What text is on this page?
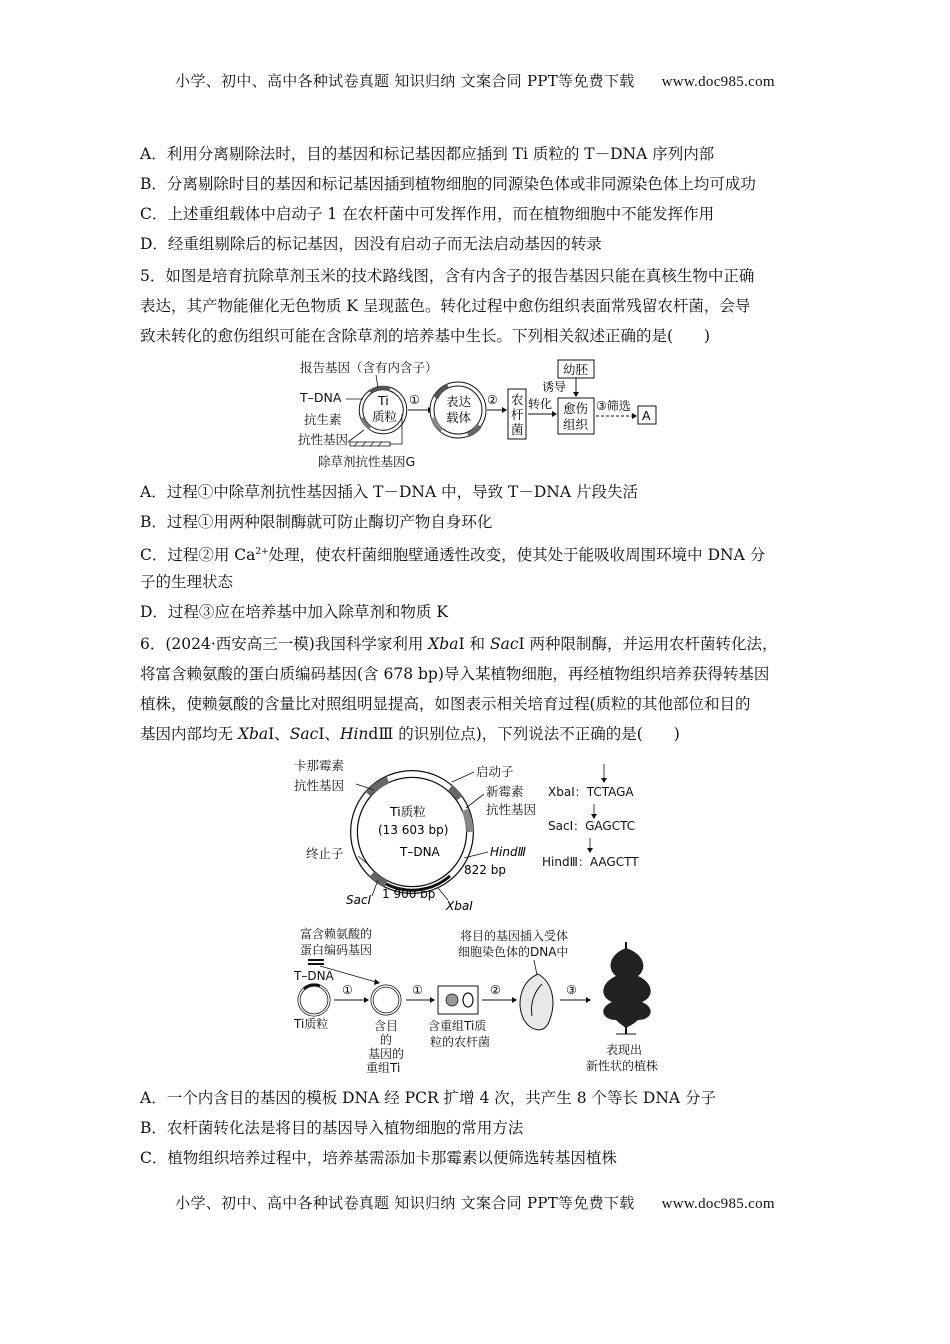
小学、初中、高中各种试卷真题 知识归纳 文案合同 PPT等免费下载 www.doc985.com
A．利用分离剔除法时，目的基因和标记基因都应插到 Ti 质粒的 T－DNA 序列内部
B．分离剔除时目的基因和标记基因插到植物细胞的同源染色体或非同源染色体上均可成功
C．上述重组载体中启动子 1 在农杆菌中可发挥作用，而在植物细胞中不能发挥作用
D．经重组剔除后的标记基因，因没有启动子而无法启动基因的转录
5．如图是培育抗除草剂玉米的技术路线图，含有内含子的报告基因只能在真核生物中正确
表达，其产物能催化无色物质 K 呈现蓝色。转化过程中愈伤组织表面常残留农杆菌，会导
致未转化的愈伤组织可能在含除草剂的培养基中生长。下列相关叙述正确的是(　　)
报告基因（含有内含子）
T–DNA
抗生素
抗性基因
除草剂抗性基因G
Ti
质粒
① 表达
载体
② 农
杆
菌
转化
幼胚
诱导
愈伤
组织
③筛选
A
A．过程①中除草剂抗性基因插入 T－DNA 中，导致 T－DNA 片段失活
B．过程①用两种限制酶就可防止酶切产物自身环化
C．过程②用 $Ca^{2+}$处理，使农杆菌细胞壁通透性改变，使其处于能吸收周围环境中 DNA 分
子的生理状态
D．过程③应在培养基中加入除草剂和物质 K
6．(2024·西安高三一模)我国科学家利用 XbaⅠ 和 SacⅠ 两种限制酶，并运用农杆菌转化法，
将富含赖氨酸的蛋白质编码基因(含 678 bp)导入某植物细胞，再经植物组织培养获得转基因
植株，使赖氨酸的含量比对照组明显提高，如图表示相关培育过程(质粒的其他部位和目的
基因内部均无 XbaⅠ、SacⅠ、HindⅢ 的识别位点)，下列说法不正确的是(　　)
卡那霉素
抗性基因
启动子
新霉素
抗性基因
终止子
Ti质粒
(13 603 bp)
T–DNA	HindⅢ
822 bp
1 900 bp
SacⅠ	XbaⅠ
XbaⅠ：TCTAGA
SacⅠ：GAGCTC
HindⅢ：AAGCTT
富含赖氨酸的
蛋白编码基因
T–DNA
Ti质粒
①
含目
的
基因的
重组Ti
①
含重组Ti质
粒的农杆菌
②
将目的基因插入受体
细胞染色体的DNA中
③
表现出
新性状的植株
A．一个内含目的基因的模板 DNA 经 PCR 扩增 4 次，共产生 8 个等长 DNA 分子
B．农杆菌转化法是将目的基因导入植物细胞的常用方法
C．植物组织培养过程中，培养基需添加卡那霉素以便筛选转基因植株
小学、初中、高中各种试卷真题 知识归纳 文案合同 PPT等免费下载 www.doc985.com
